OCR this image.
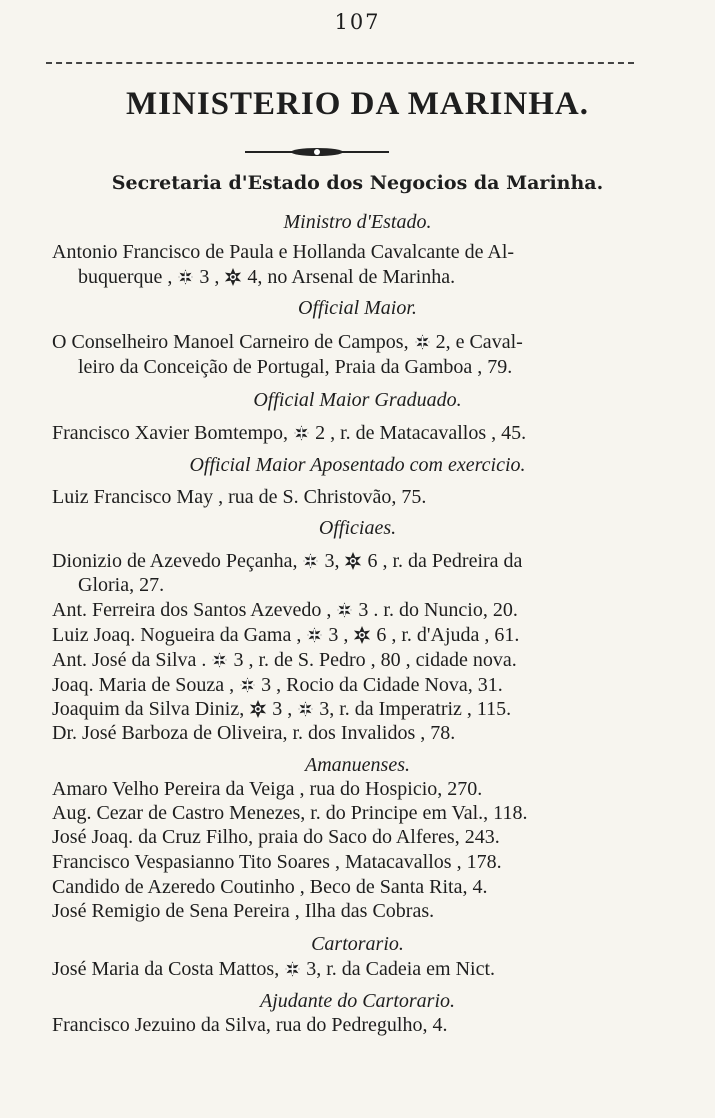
107
MINISTERIO DA MARINHA.
Secretaria d'Estado dos Negocios da Marinha.
Ministro d'Estado.
Antonio Francisco de Paula e Hollanda Cavalcante de Al-
buquerque ,  3 ,  4, no Arsenal de Marinha.
Official Maior.
O Conselheiro Manoel Carneiro de Campos,  2, e Caval-
leiro da Conceição de Portugal, Praia da Gamboa , 79.
Official Maior Graduado.
Francisco Xavier Bomtempo,  2 , r. de Matacavallos , 45.
Official Maior Aposentado com exercicio.
Luiz Francisco May , rua de S. Christovão, 75.
Officiaes.
Dionizio de Azevedo Peçanha,  3,  6 , r. da Pedreira da
Gloria, 27.
Ant. Ferreira dos Santos Azevedo ,  3 . r. do Nuncio, 20.
Luiz Joaq. Nogueira da Gama ,  3 ,  6 , r. d'Ajuda , 61.
Ant. José da Silva .  3 , r. de S. Pedro , 80 , cidade nova.
Joaq. Maria de Souza ,  3 , Rocio da Cidade Nova, 31.
Joaquim da Silva Diniz,  3 ,  3, r. da Imperatriz , 115.
Dr. José Barboza de Oliveira, r. dos Invalidos , 78.
Amanuenses.
Amaro Velho Pereira da Veiga , rua do Hospicio, 270.
Aug. Cezar de Castro Menezes, r. do Principe em Val., 118.
José Joaq. da Cruz Filho, praia do Saco do Alferes, 243.
Francisco Vespasianno Tito Soares , Matacavallos , 178.
Candido de Azeredo Coutinho , Beco de Santa Rita, 4.
José Remigio de Sena Pereira , Ilha das Cobras.
Cartorario.
José Maria da Costa Mattos,  3, r. da Cadeia em Nict.
Ajudante do Cartorario.
Francisco Jezuino da Silva, rua do Pedregulho, 4.
